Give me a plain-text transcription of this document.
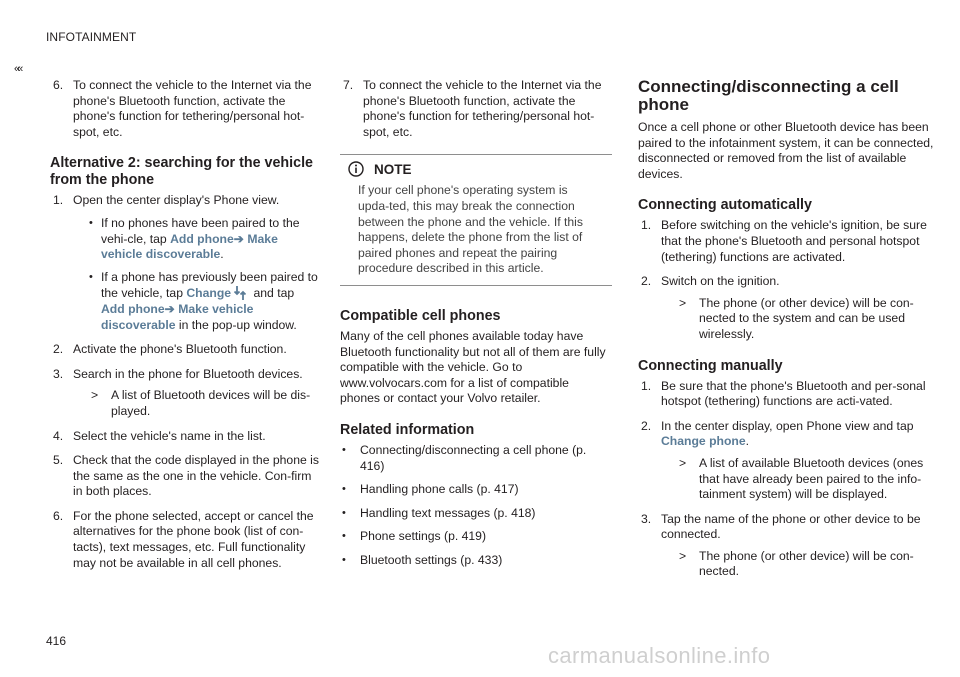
INFOTAINMENT
««
6. To connect the vehicle to the Internet via the phone's Bluetooth function, activate the phone's function for tethering/personal hot-spot, etc.
Alternative 2: searching for the vehicle from the phone
1. Open the center display's Phone view.
• If no phones have been paired to the vehi-cle, tap Add phone➔ Make vehicle discoverable.
• If a phone has previously been paired to the vehicle, tap Change and tap Add phone➔ Make vehicle discoverable in the pop-up window.
2. Activate the phone's Bluetooth function.
3. Search in the phone for Bluetooth devices.
> A list of Bluetooth devices will be dis-played.
4. Select the vehicle's name in the list.
5. Check that the code displayed in the phone is the same as the one in the vehicle. Con-firm in both places.
6. For the phone selected, accept or cancel the alternatives for the phone book (list of con-tacts), text messages, etc. Full functionality may not be available in all cell phones.
7. To connect the vehicle to the Internet via the phone's Bluetooth function, activate the phone's function for tethering/personal hot-spot, etc.
NOTE
If your cell phone's operating system is upda-ted, this may break the connection between the phone and the vehicle. If this happens, delete the phone from the list of paired phones and repeat the pairing procedure described in this article.
Compatible cell phones

Many of the cell phones available today have Bluetooth functionality but not all of them are fully compatible with the vehicle. Go to www.volvocars.com for a list of compatible phones or contact your Volvo retailer.

Related information
• Connecting/disconnecting a cell phone (p. 416)
• Handling phone calls (p. 417)
• Handling text messages (p. 418)
• Phone settings (p. 419)
• Bluetooth settings (p. 433)
Connecting/disconnecting a cell phone

Once a cell phone or other Bluetooth device has been paired to the infotainment system, it can be connected, disconnected or removed from the list of available devices.

Connecting automatically
1. Before switching on the vehicle's ignition, be sure that the phone's Bluetooth and personal hotspot (tethering) functions are activated.
2. Switch on the ignition.
> The phone (or other device) will be con-nected to the system and can be used wirelessly.
Connecting manually
1. Be sure that the phone's Bluetooth and per-sonal hotspot (tethering) functions are acti-vated.
2. In the center display, open Phone view and tap Change phone.
> A list of available Bluetooth devices (ones that have already been paired to the info-tainment system) will be displayed.
3. Tap the name of the phone or other device to be connected.
> The phone (or other device) will be con-nected.
416
carmanualsonline.info
